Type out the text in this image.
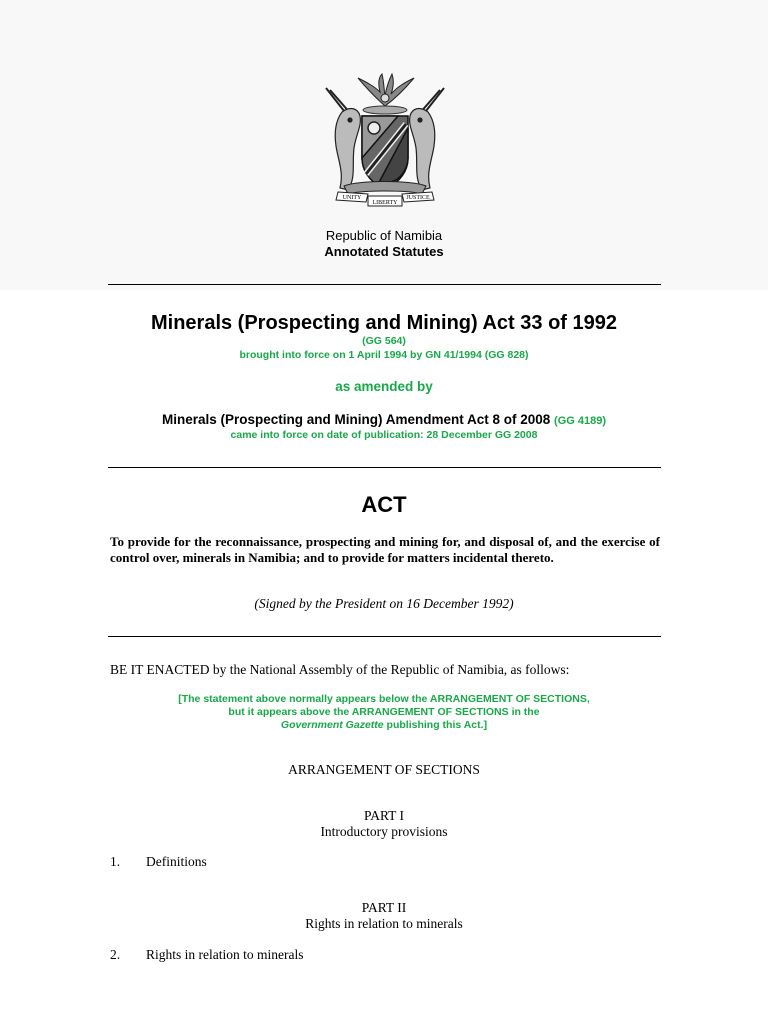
UNITY
LIBERTY
JUSTICE
Republic of Namibia
Annotated Statutes
Minerals (Prospecting and Mining) Act 33 of 1992
(GG 564)
brought into force on 1 April 1994 by GN 41/1994 (GG 828)
as amended by
Minerals (Prospecting and Mining) Amendment Act 8 of 2008 (GG 4189)
came into force on date of publication: 28 December GG 2008
ACT
To provide for the reconnaissance, prospecting and mining for, and disposal of, and the exercise of control over, minerals in Namibia; and to provide for matters incidental thereto.
(Signed by the President on 16 December 1992)
BE IT ENACTED by the National Assembly of the Republic of Namibia, as follows:
[The statement above normally appears below the ARRANGEMENT OF SECTIONS,
but it appears above the ARRANGEMENT OF SECTIONS in the
Government Gazette publishing this Act.]
ARRANGEMENT OF SECTIONS
PART I
Introductory provisions
1. Definitions
PART II
Rights in relation to minerals
2. Rights in relation to minerals
